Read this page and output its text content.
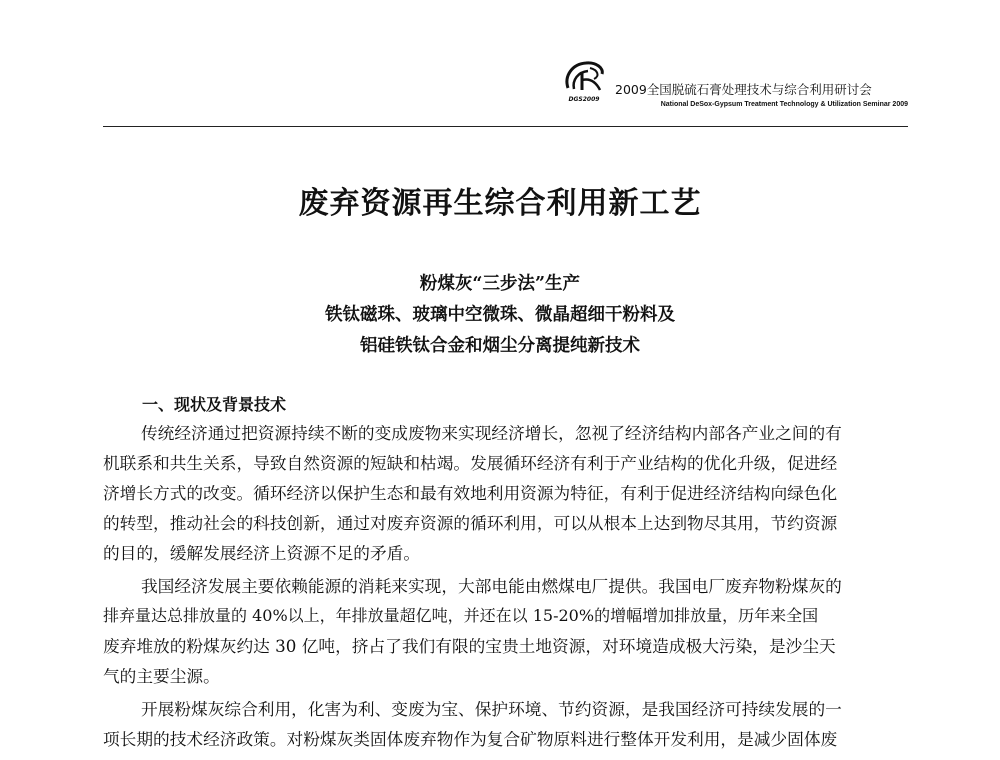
DGS2009
2009全国脱硫石膏处理技术与综合利用研讨会
National DeSox-Gypsum Treatment Technology & Utilization Seminar 2009
废弃资源再生综合利用新工艺
粉煤灰“三步法”生产
铁钛磁珠、玻璃中空微珠、微晶超细干粉料及
铝硅铁钛合金和烟尘分离提纯新技术
一、现状及背景技术
传统经济通过把资源持续不断的变成废物来实现经济增长，忽视了经济结构内部各产业之间的有
机联系和共生关系，导致自然资源的短缺和枯竭。发展循环经济有利于产业结构的优化升级，促进经
济增长方式的改变。循环经济以保护生态和最有效地利用资源为特征，有利于促进经济结构向绿色化
的转型，推动社会的科技创新，通过对废弃资源的循环利用，可以从根本上达到物尽其用，节约资源
的目的，缓解发展经济上资源不足的矛盾。
我国经济发展主要依赖能源的消耗来实现，大部电能由燃煤电厂提供。我国电厂废弃物粉煤灰的
排弃量达总排放量的 40%以上，年排放量超亿吨，并还在以 15-20%的增幅增加排放量，历年来全国
废弃堆放的粉煤灰约达 30 亿吨，挤占了我们有限的宝贵土地资源，对环境造成极大污染，是沙尘天
气的主要尘源。
开展粉煤灰综合利用，化害为利、变废为宝、保护环境、节约资源，是我国经济可持续发展的一
项长期的技术经济政策。对粉煤灰类固体废弃物作为复合矿物原料进行整体开发利用，是减少固体废
